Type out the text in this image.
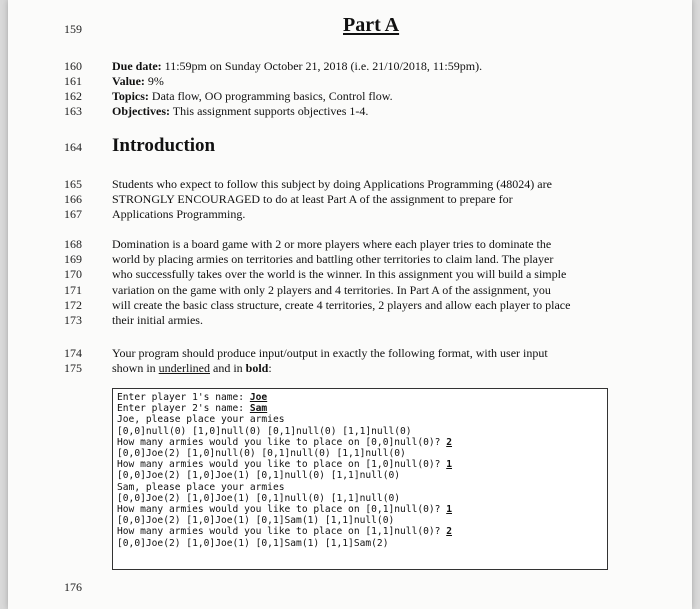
159	Part A
160	Due date: 11:59pm on Sunday October 21, 2018 (i.e. 21/10/2018, 11:59pm).
161	Value: 9%
162	Topics: Data flow, OO programming basics, Control flow.
163	Objectives: This assignment supports objectives 1-4.
164 Introduction
165
166
167
Students who expect to follow this subject by doing Applications Programming (48024) are
STRONGLY ENCOURAGED to do at least Part A of the assignment to prepare for
Applications Programming.
168
169
170
171
172
173
Domination is a board game with 2 or more players where each player tries to dominate the
world by placing armies on territories and battling other territories to claim land. The player
who successfully takes over the world is the winner. In this assignment you will build a simple
variation on the game with only 2 players and 4 territories. In Part A of the assignment, you
will create the basic class structure, create 4 territories, 2 players and allow each player to place
their initial armies.
174
175
Your program should produce input/output in exactly the following format, with user input
shown in underlined and in bold:
Enter player 1's name: Joe
Enter player 2's name: Sam
Joe, please place your armies
[0,0]null(0) [1,0]null(0) [0,1]null(0) [1,1]null(0)
How many armies would you like to place on [0,0]null(0)? 2
[0,0]Joe(2) [1,0]null(0) [0,1]null(0) [1,1]null(0)
How many armies would you like to place on [1,0]null(0)? 1
[0,0]Joe(2) [1,0]Joe(1) [0,1]null(0) [1,1]null(0)
Sam, please place your armies
[0,0]Joe(2) [1,0]Joe(1) [0,1]null(0) [1,1]null(0)
How many armies would you like to place on [0,1]null(0)? 1
[0,0]Joe(2) [1,0]Joe(1) [0,1]Sam(1) [1,1]null(0)
How many armies would you like to place on [1,1]null(0)? 2
[0,0]Joe(2) [1,0]Joe(1) [0,1]Sam(1) [1,1]Sam(2)
176
